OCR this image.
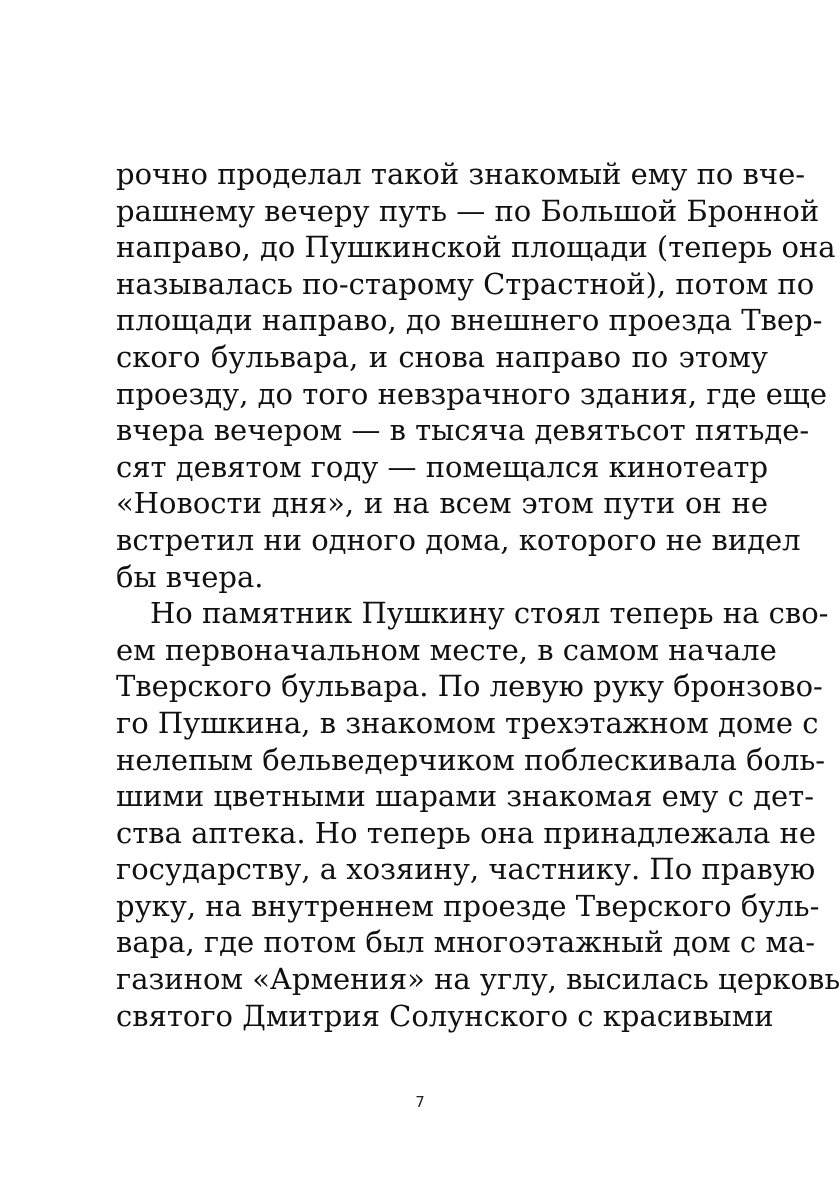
рочно проделал такой знакомый ему по вче-
рашнему вечеру путь — по Большой Бронной
направо, до Пушкинской площади (теперь она
называлась по-старому Страстной), потом по
площади направо, до внешнего проезда Твер-
ского бульвара, и снова направо по этому
проезду, до того невзрачного здания, где еще
вчера вечером — в тысяча девятьсот пятьде-
сят девятом году — помещался кинотеатр
«Новости дня», и на всем этом пути он не
встретил ни одного дома, которого не видел
бы вчера.
Но памятник Пушкину стоял теперь на сво-
ем первоначальном месте, в самом начале
Тверского бульвара. По левую руку бронзово-
го Пушкина, в знакомом трехэтажном доме с
нелепым бельведерчиком поблескивала боль-
шими цветными шарами знакомая ему с дет-
ства аптека. Но теперь она принадлежала не
государству, а хозяину, частнику. По правую
руку, на внутреннем проезде Тверского буль-
вара, где потом был многоэтажный дом с ма-
газином «Армения» на углу, высилась церковь
святого Дмитрия Солунского с красивыми
7
